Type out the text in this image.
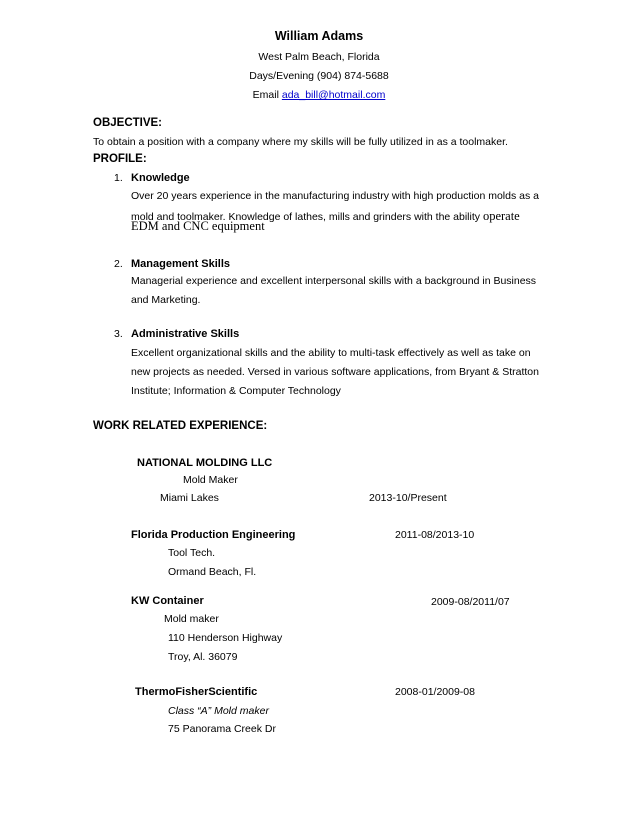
William Adams
West Palm Beach, Florida
Days/Evening (904) 874-5688
Email ada_bill@hotmail.com
OBJECTIVE:
To obtain a position with a company where my skills will be fully utilized in as a toolmaker.
PROFILE:
1. Knowledge
Over 20 years experience in the manufacturing industry with high production molds as a
mold and toolmaker. Knowledge of lathes, mills and grinders with the ability operate
EDM and CNC equipment
2. Management Skills
Managerial experience and excellent interpersonal skills with a background in Business
and Marketing.
3. Administrative Skills
Excellent organizational skills and the ability to multi-task effectively as well as take on
new projects as needed. Versed in various software applications, from Bryant & Stratton
Institute; Information & Computer Technology
WORK RELATED EXPERIENCE:
NATIONAL MOLDING LLC
Mold Maker
Miami Lakes	2013-10/Present
Florida Production Engineering	2011-08/2013-10
Tool Tech.
Ormand Beach, Fl.
KW Container	2009-08/2011/07
Mold maker
110 Henderson Highway
Troy, Al. 36079
ThermoFisherScientific	2008-01/2009-08
Class “A” Mold maker
75 Panorama Creek Dr
